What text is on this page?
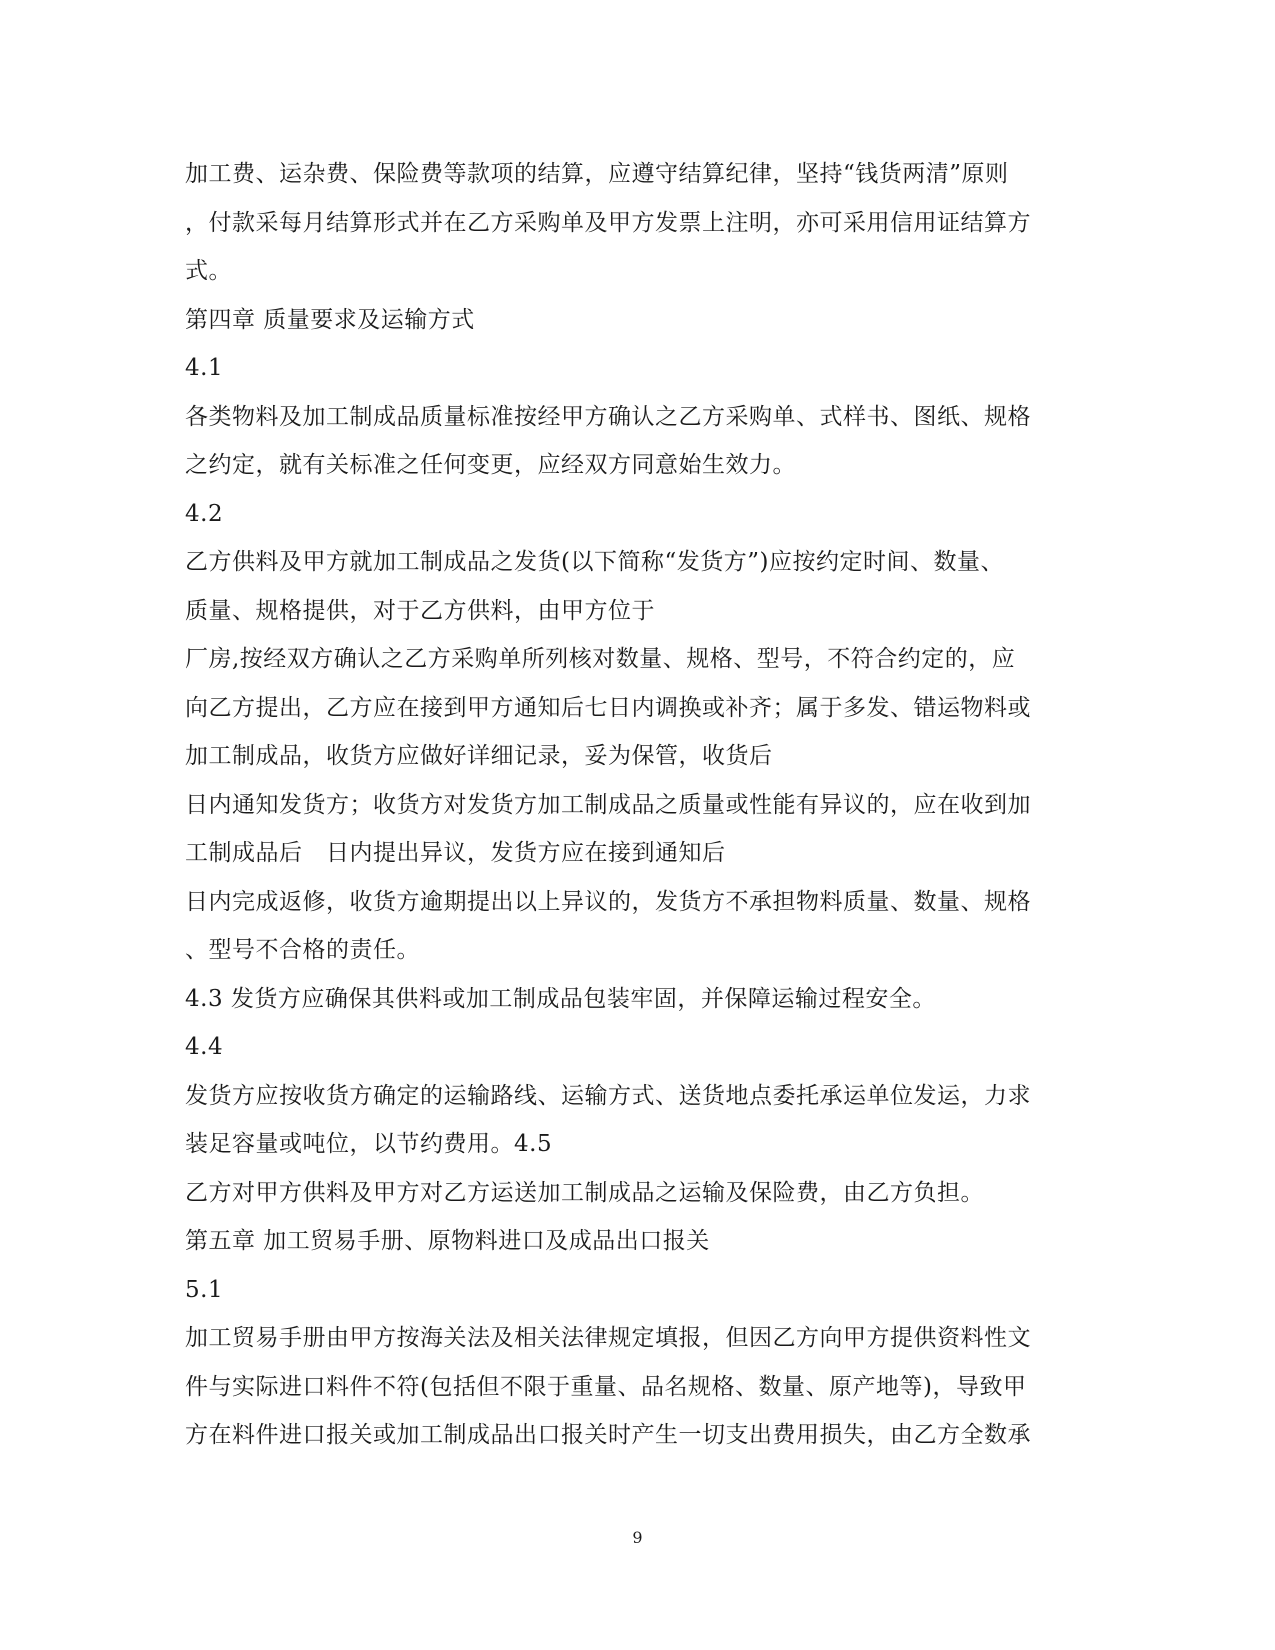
加工费、运杂费、保险费等款项的结算，应遵守结算纪律，坚持“钱货两清”原则
，付款采每月结算形式并在乙方采购单及甲方发票上注明，亦可采用信用证结算方
式。
第四章 质量要求及运输方式
4.1
各类物料及加工制成品质量标准按经甲方确认之乙方采购单、式样书、图纸、规格
之约定，就有关标准之任何变更，应经双方同意始生效力。
4.2
乙方供料及甲方就加工制成品之发货(以下简称“发货方”)应按约定时间、数量、
质量、规格提供，对于乙方供料，由甲方位于
厂房,按经双方确认之乙方采购单所列核对数量、规格、型号，不符合约定的，应
向乙方提出，乙方应在接到甲方通知后七日内调换或补齐；属于多发、错运物料或
加工制成品，收货方应做好详细记录，妥为保管，收货后
日内通知发货方；收货方对发货方加工制成品之质量或性能有异议的，应在收到加
工制成品后　日内提出异议，发货方应在接到通知后
日内完成返修，收货方逾期提出以上异议的，发货方不承担物料质量、数量、规格
、型号不合格的责任。
4.3 发货方应确保其供料或加工制成品包装牢固，并保障运输过程安全。
4.4
发货方应按收货方确定的运输路线、运输方式、送货地点委托承运单位发运，力求
装足容量或吨位，以节约费用。4.5
乙方对甲方供料及甲方对乙方运送加工制成品之运输及保险费，由乙方负担。
第五章 加工贸易手册、原物料进口及成品出口报关
5.1
加工贸易手册由甲方按海关法及相关法律规定填报，但因乙方向甲方提供资料性文
件与实际进口料件不符(包括但不限于重量、品名规格、数量、原产地等)，导致甲
方在料件进口报关或加工制成品出口报关时产生一切支出费用损失，由乙方全数承
9
